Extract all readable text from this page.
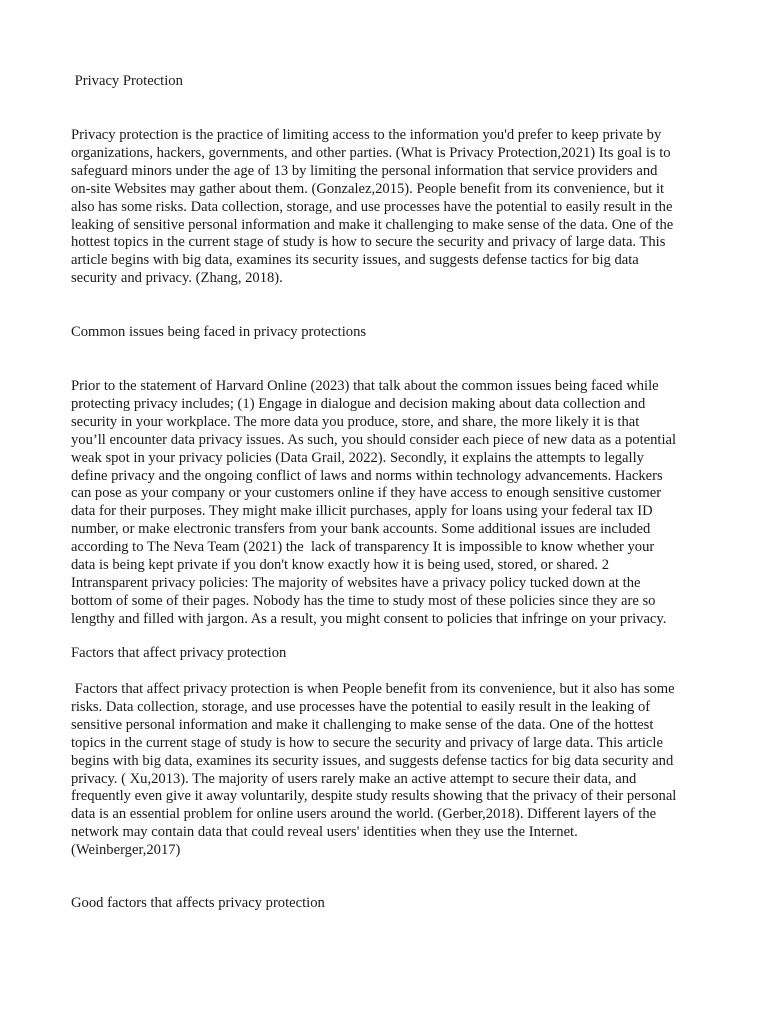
Privacy Protection
Privacy protection is the practice of limiting access to the information you'd prefer to keep private by
organizations, hackers, governments, and other parties. (What is Privacy Protection,2021) Its goal is to
safeguard minors under the age of 13 by limiting the personal information that service providers and
on-site Websites may gather about them. (Gonzalez,2015). People benefit from its convenience, but it
also has some risks. Data collection, storage, and use processes have the potential to easily result in the
leaking of sensitive personal information and make it challenging to make sense of the data. One of the
hottest topics in the current stage of study is how to secure the security and privacy of large data. This
article begins with big data, examines its security issues, and suggests defense tactics for big data
security and privacy. (Zhang, 2018).
Common issues being faced in privacy protections
Prior to the statement of Harvard Online (2023) that talk about the common issues being faced while
protecting privacy includes; (1) Engage in dialogue and decision making about data collection and
security in your workplace. The more data you produce, store, and share, the more likely it is that
you’ll encounter data privacy issues. As such, you should consider each piece of new data as a potential
weak spot in your privacy policies (Data Grail, 2022). Secondly, it explains the attempts to legally
define privacy and the ongoing conflict of laws and norms within technology advancements. Hackers
can pose as your company or your customers online if they have access to enough sensitive customer
data for their purposes. They might make illicit purchases, apply for loans using your federal tax ID
number, or make electronic transfers from your bank accounts. Some additional issues are included
according to The Neva Team (2021) the  lack of transparency It is impossible to know whether your
data is being kept private if you don't know exactly how it is being used, stored, or shared. 2
Intransparent privacy policies: The majority of websites have a privacy policy tucked down at the
bottom of some of their pages. Nobody has the time to study most of these policies since they are so
lengthy and filled with jargon. As a result, you might consent to policies that infringe on your privacy.
Factors that affect privacy protection
Factors that affect privacy protection is when People benefit from its convenience, but it also has some
risks. Data collection, storage, and use processes have the potential to easily result in the leaking of
sensitive personal information and make it challenging to make sense of the data. One of the hottest
topics in the current stage of study is how to secure the security and privacy of large data. This article
begins with big data, examines its security issues, and suggests defense tactics for big data security and
privacy. ( Xu,2013). The majority of users rarely make an active attempt to secure their data, and
frequently even give it away voluntarily, despite study results showing that the privacy of their personal
data is an essential problem for online users around the world. (Gerber,2018). Different layers of the
network may contain data that could reveal users' identities when they use the Internet.
(Weinberger,2017)
Good factors that affects privacy protection
